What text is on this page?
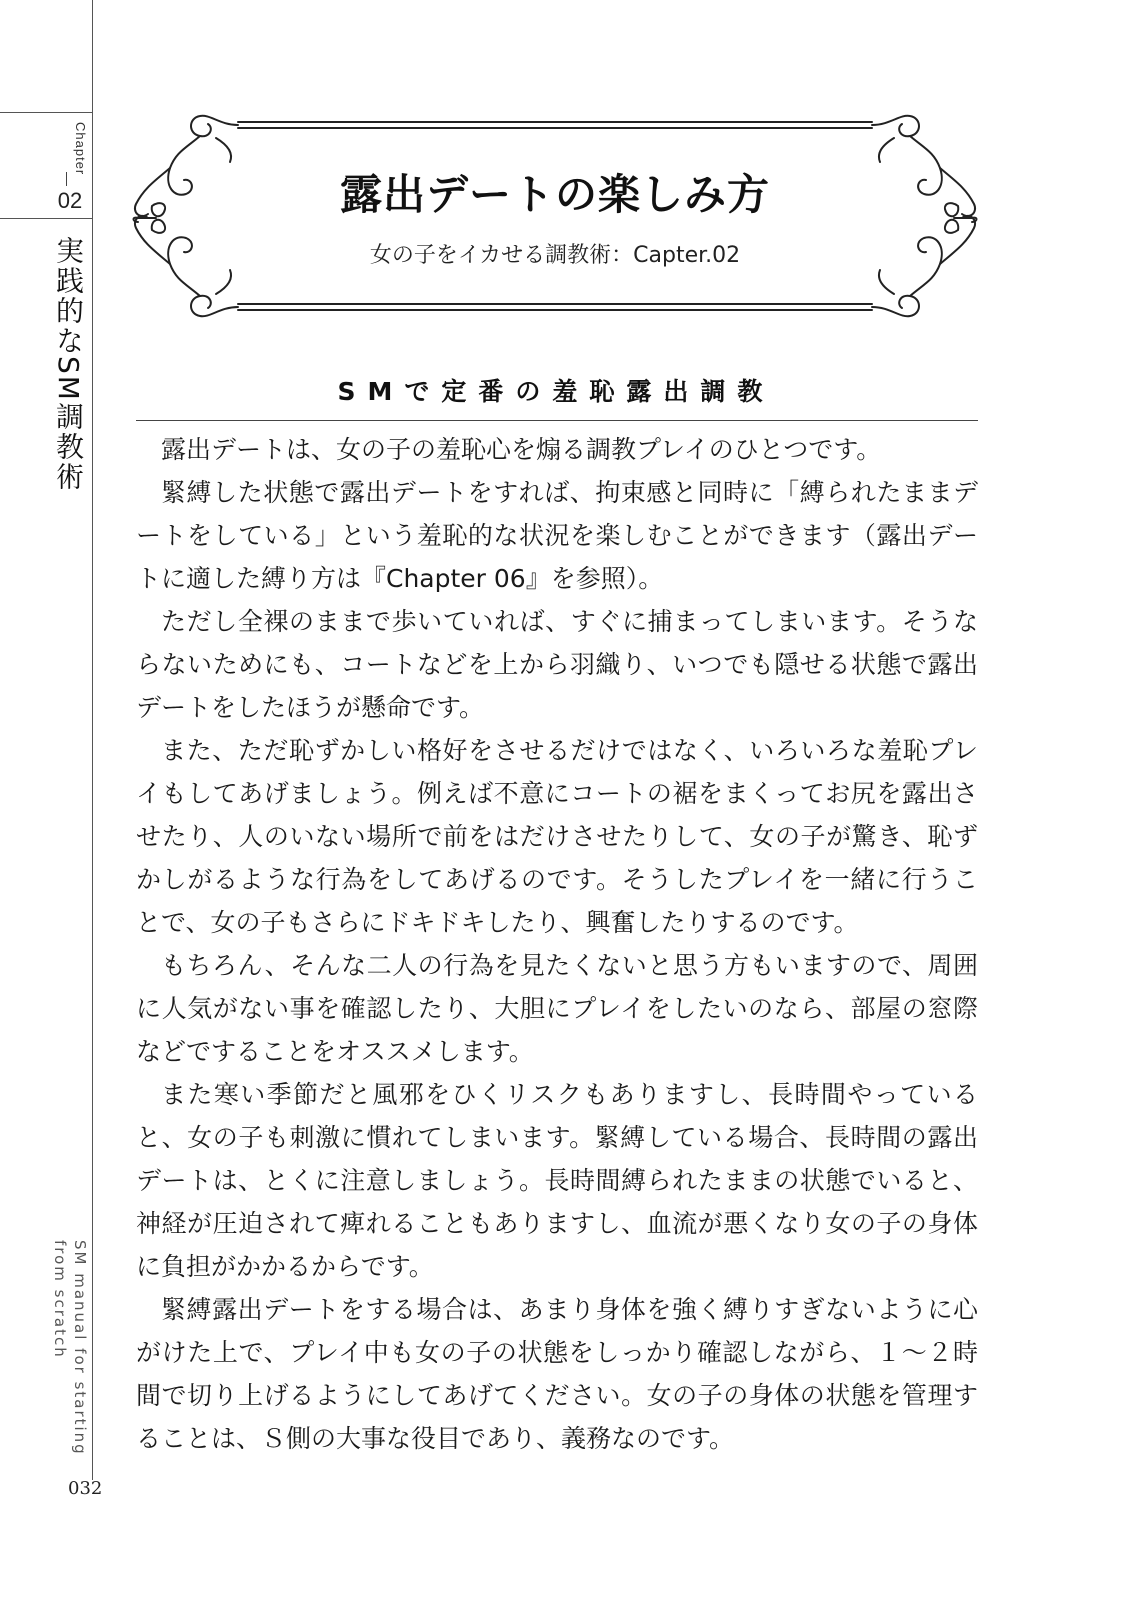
Chapter
02
実践的なSM調教術
SM manual for starting
from scratch
露出デートの楽しみ方
女の子をイカせる調教術：Capter.02
SMで定番の羞恥露出調教

露出デートは、女の子の羞恥心を煽る調教プレイのひとつです。

緊縛した状態で露出デートをすれば、拘束感と同時に「縛られたままデートをしている」という羞恥的な状況を楽しむことができます（露出デートに適した縛り方は『Chapter 06』を参照）。

ただし全裸のままで歩いていれば、すぐに捕まってしまいます。そうならないためにも、コートなどを上から羽織り、いつでも隠せる状態で露出デートをしたほうが懸命です。

また、ただ恥ずかしい格好をさせるだけではなく、いろいろな羞恥プレイもしてあげましょう。例えば不意にコートの裾をまくってお尻を露出させたり、人のいない場所で前をはだけさせたりして、女の子が驚き、恥ずかしがるような行為をしてあげるのです。そうしたプレイを一緒に行うことで、女の子もさらにドキドキしたり、興奮したりするのです。

もちろん、そんな二人の行為を見たくないと思う方もいますので、周囲に人気がない事を確認したり、大胆にプレイをしたいのなら、部屋の窓際などですることをオススメします。

また寒い季節だと風邪をひくリスクもありますし、長時間やっていると、女の子も刺激に慣れてしまいます。緊縛している場合、長時間の露出デートは、とくに注意しましょう。長時間縛られたままの状態でいると、神経が圧迫されて痺れることもありますし、血流が悪くなり女の子の身体に負担がかかるからです。

緊縛露出デートをする場合は、あまり身体を強く縛りすぎないように心がけた上で、プレイ中も女の子の状態をしっかり確認しながら、１～２時間で切り上げるようにしてあげてください。女の子の身体の状態を管理することは、Ｓ側の大事な役目であり、義務なのです。

032
